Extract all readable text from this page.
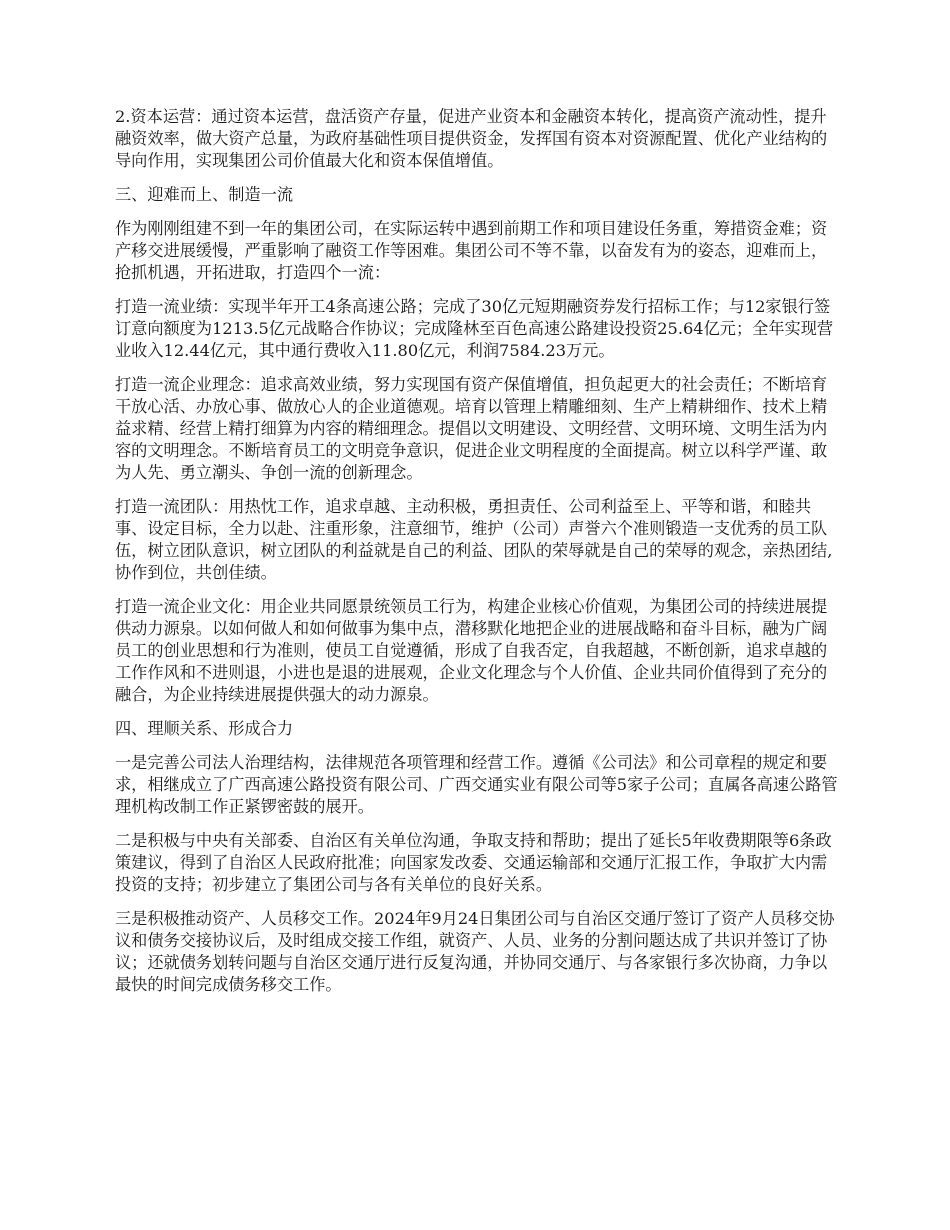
2.资本运营：通过资本运营，盘活资产存量，促进产业资本和金融资本转化，提高资产流动性，提升融资效率，做大资产总量，为政府基础性项目提供资金，发挥国有资本对资源配置、优化产业结构的导向作用，实现集团公司价值最大化和资本保值增值。

三、迎难而上、制造一流

作为刚刚组建不到一年的集团公司，在实际运转中遇到前期工作和项目建设任务重，筹措资金难；资产移交进展缓慢，严重影响了融资工作等困难。集团公司不等不靠，以奋发有为的姿态，迎难而上，抢抓机遇，开拓进取，打造四个一流：

打造一流业绩：实现半年开工4条高速公路；完成了30亿元短期融资券发行招标工作；与12家银行签订意向额度为1213.5亿元战略合作协议；完成隆林至百色高速公路建设投资25.64亿元；全年实现营业收入12.44亿元，其中通行费收入11.80亿元，利润7584.23万元。

打造一流企业理念：追求高效业绩，努力实现国有资产保值增值，担负起更大的社会责任；不断培育干放心活、办放心事、做放心人的企业道德观。培育以管理上精雕细刻、生产上精耕细作、技术上精益求精、经营上精打细算为内容的精细理念。提倡以文明建设、文明经营、文明环境、文明生活为内容的文明理念。不断培育员工的文明竞争意识，促进企业文明程度的全面提高。树立以科学严谨、敢为人先、勇立潮头、争创一流的创新理念。

打造一流团队：用热忱工作，追求卓越、主动积极，勇担责任、公司利益至上、平等和谐，和睦共事、设定目标，全力以赴、注重形象，注意细节，维护（公司）声誉六个准则锻造一支优秀的员工队伍，树立团队意识，树立团队的利益就是自己的利益、团队的荣辱就是自己的荣辱的观念，亲热团结,协作到位，共创佳绩。

打造一流企业文化：用企业共同愿景统领员工行为，构建企业核心价值观，为集团公司的持续进展提供动力源泉。以如何做人和如何做事为集中点，潜移默化地把企业的进展战略和奋斗目标，融为广阔员工的创业思想和行为准则，使员工自觉遵循，形成了自我否定，自我超越，不断创新，追求卓越的工作作风和不进则退，小进也是退的进展观，企业文化理念与个人价值、企业共同价值得到了充分的融合，为企业持续进展提供强大的动力源泉。

四、理顺关系、形成合力

一是完善公司法人治理结构，法律规范各项管理和经营工作。遵循《公司法》和公司章程的规定和要求，相继成立了广西高速公路投资有限公司、广西交通实业有限公司等5家子公司；直属各高速公路管理机构改制工作正紧锣密鼓的展开。

二是积极与中央有关部委、自治区有关单位沟通，争取支持和帮助；提出了延长5年收费期限等6条政策建议，得到了自治区人民政府批准；向国家发改委、交通运输部和交通厅汇报工作，争取扩大内需投资的支持；初步建立了集团公司与各有关单位的良好关系。

三是积极推动资产、人员移交工作。2024年9月24日集团公司与自治区交通厅签订了资产人员移交协议和债务交接协议后，及时组成交接工作组，就资产、人员、业务的分割问题达成了共识并签订了协议；还就债务划转问题与自治区交通厅进行反复沟通，并协同交通厅、与各家银行多次协商，力争以最快的时间完成债务移交工作。
